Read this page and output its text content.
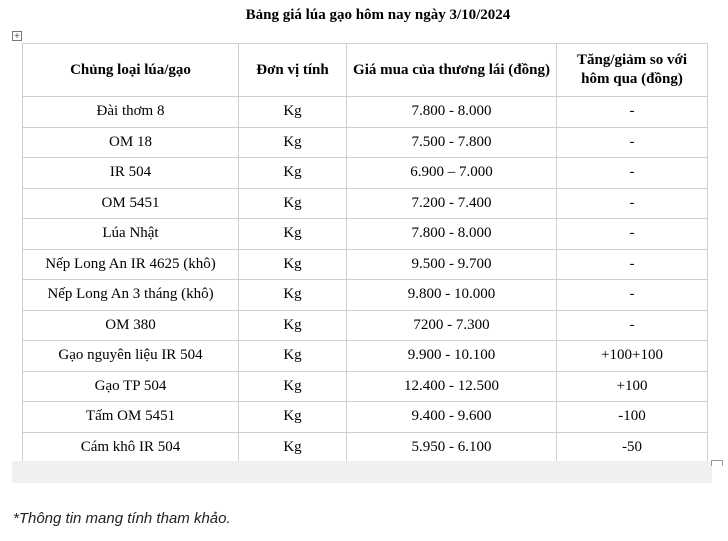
Bảng giá lúa gạo hôm nay ngày 3/10/2024
+
Chủng loại lúa/gạo	Đơn vị tính	Giá mua của thương lái (đồng)	Tăng/giảm so với hôm qua (đồng)
Đài thơm 8	Kg	7.800 - 8.000	-
OM 18	Kg	7.500 - 7.800	-
IR 504	Kg	6.900 – 7.000	-
OM 5451	Kg	7.200 - 7.400	-
Lúa Nhật	Kg	7.800 - 8.000	-
Nếp Long An IR 4625 (khô)	Kg	9.500 - 9.700	-
Nếp Long An 3 tháng (khô)	Kg	9.800 - 10.000	-
OM 380	Kg	7200 - 7.300	-
Gạo nguyên liệu IR 504	Kg	9.900 - 10.100	+100+100
Gạo TP 504	Kg	12.400 - 12.500	+100
Tấm OM 5451	Kg	9.400 - 9.600	-100
Cám khô IR 504	Kg	5.950 - 6.100	-50
*Thông tin mang tính tham khảo.
